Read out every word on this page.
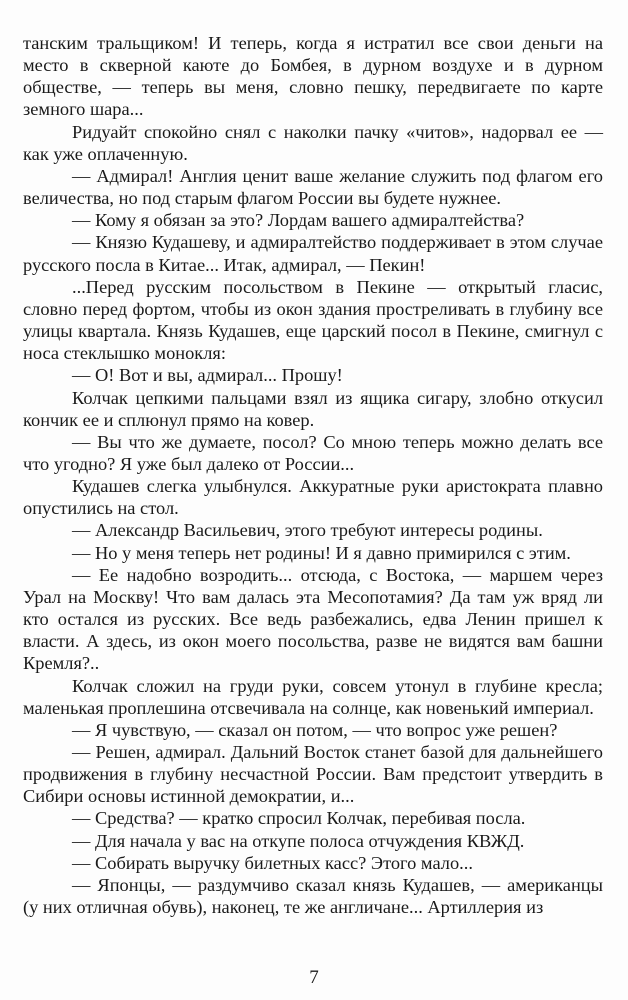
танским тральщиком! И теперь, когда я истратил все свои деньги на место в скверной каюте до Бомбея, в дурном воздухе и в дурном обществе, — теперь вы меня, словно пешку, передвигаете по карте земного шара...

Ридуайт спокойно снял с наколки пачку «читов», надорвал ее — как уже оплаченную.

— Адмирал! Англия ценит ваше желание служить под флагом его величества, но под старым флагом России вы будете нужнее.

— Кому я обязан за это? Лордам вашего адмиралтейства?

— Князю Кудашеву, и адмиралтейство поддерживает в этом случае русского посла в Китае... Итак, адмирал, — Пекин!

...Перед русским посольством в Пекине — открытый гласис, словно перед фортом, чтобы из окон здания простреливать в глубину все улицы квартала. Князь Кудашев, еще царский посол в Пекине, смигнул с носа стеклышко монокля:

— О! Вот и вы, адмирал... Прошу!

Колчак цепкими пальцами взял из ящика сигару, злобно откусил кончик ее и сплюнул прямо на ковер.

— Вы что же думаете, посол? Со мною теперь можно делать все что угодно? Я уже был далеко от России...

Кудашев слегка улыбнулся. Аккуратные руки аристократа плавно опустились на стол.

— Александр Васильевич, этого требуют интересы родины.

— Но у меня теперь нет родины! И я давно примирился с этим.

— Ее надобно возродить... отсюда, с Востока, — маршем через Урал на Москву! Что вам далась эта Месопотамия? Да там уж вряд ли кто остался из русских. Все ведь разбежались, едва Ленин пришел к власти. А здесь, из окон моего посольства, разве не видятся вам башни Кремля?..

Колчак сложил на груди руки, совсем утонул в глубине кресла; маленькая проплешина отсвечивала на солнце, как новенький империал.

— Я чувствую, — сказал он потом, — что вопрос уже решен?

— Решен, адмирал. Дальний Восток станет базой для дальнейшего продвижения в глубину несчастной России. Вам предстоит утвердить в Сибири основы истинной демократии, и...

— Средства? — кратко спросил Колчак, перебивая посла.

— Для начала у вас на откупе полоса отчуждения КВЖД.

— Собирать выручку билетных касс? Этого мало...

— Японцы, — раздумчиво сказал князь Кудашев, — американцы (у них отличная обувь), наконец, те же англичане... Артиллерия из

7
